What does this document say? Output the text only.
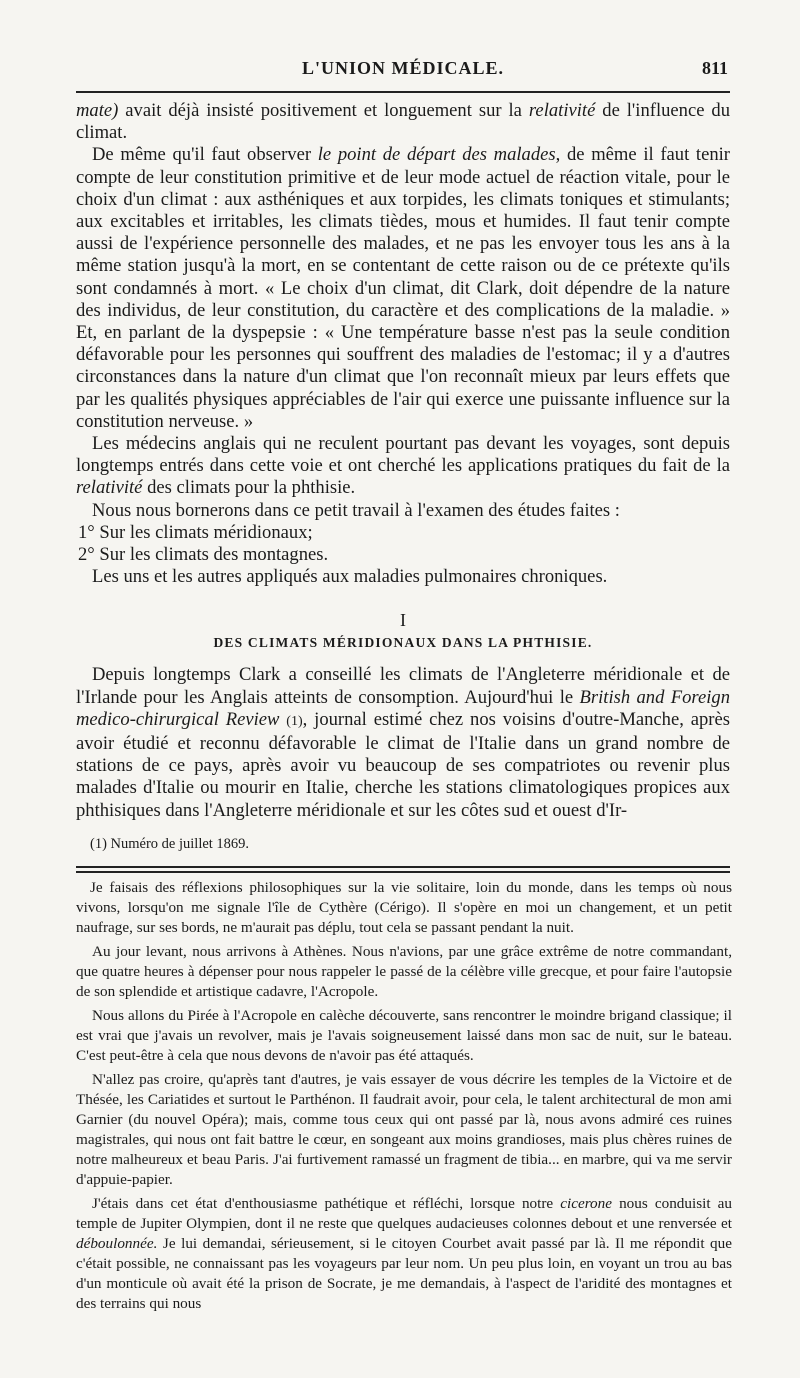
L'UNION MÉDICALE.	811

mate) avait déjà insisté positivement et longuement sur la relativité de l'influence du climat.

De même qu'il faut observer le point de départ des malades, de même il faut tenir compte de leur constitution primitive et de leur mode actuel de réaction vitale, pour le choix d'un climat : aux asthéniques et aux torpides, les climats toniques et stimulants; aux excitables et irritables, les climats tièdes, mous et humides. Il faut tenir compte aussi de l'expérience personnelle des malades, et ne pas les envoyer tous les ans à la même station jusqu'à la mort, en se contentant de cette raison ou de ce prétexte qu'ils sont condamnés à mort. « Le choix d'un climat, dit Clark, doit dépendre de la nature des individus, de leur constitution, du caractère et des complications de la maladie. » Et, en parlant de la dyspepsie : « Une température basse n'est pas la seule condition défavorable pour les personnes qui souffrent des maladies de l'estomac; il y a d'autres circonstances dans la nature d'un climat que l'on reconnaît mieux par leurs effets que par les qualités physiques appréciables de l'air qui exerce une puissante influence sur la constitution nerveuse. »

Les médecins anglais qui ne reculent pourtant pas devant les voyages, sont depuis longtemps entrés dans cette voie et ont cherché les applications pratiques du fait de la relativité des climats pour la phthisie.

Nous nous bornerons dans ce petit travail à l'examen des études faites :

1° Sur les climats méridionaux;

2° Sur les climats des montagnes.

Les uns et les autres appliqués aux maladies pulmonaires chroniques.

I
DES CLIMATS MÉRIDIONAUX DANS LA PHTHISIE.

Depuis longtemps Clark a conseillé les climats de l'Angleterre méridionale et de l'Irlande pour les Anglais atteints de consomption. Aujourd'hui le British and Foreign medico-chirurgical Review (1), journal estimé chez nos voisins d'outre-Manche, après avoir étudié et reconnu défavorable le climat de l'Italie dans un grand nombre de stations de ce pays, après avoir vu beaucoup de ses compatriotes ou revenir plus malades d'Italie ou mourir en Italie, cherche les stations climatologiques propices aux phthisiques dans l'Angleterre méridionale et sur les côtes sud et ouest d'Ir-

(1) Numéro de juillet 1869.

Je faisais des réflexions philosophiques sur la vie solitaire, loin du monde, dans les temps où nous vivons, lorsqu'on me signale l'île de Cythère (Cérigo). Il s'opère en moi un changement, et un petit naufrage, sur ses bords, ne m'aurait pas déplu, tout cela se passant pendant la nuit.

Au jour levant, nous arrivons à Athènes. Nous n'avions, par une grâce extrême de notre commandant, que quatre heures à dépenser pour nous rappeler le passé de la célèbre ville grecque, et pour faire l'autopsie de son splendide et artistique cadavre, l'Acropole.

Nous allons du Pirée à l'Acropole en calèche découverte, sans rencontrer le moindre brigand classique; il est vrai que j'avais un revolver, mais je l'avais soigneusement laissé dans mon sac de nuit, sur le bateau. C'est peut-être à cela que nous devons de n'avoir pas été attaqués.

N'allez pas croire, qu'après tant d'autres, je vais essayer de vous décrire les temples de la Victoire et de Thésée, les Cariatides et surtout le Parthénon. Il faudrait avoir, pour cela, le talent architectural de mon ami Garnier (du nouvel Opéra); mais, comme tous ceux qui ont passé par là, nous avons admiré ces ruines magistrales, qui nous ont fait battre le cœur, en songeant aux moins grandioses, mais plus chères ruines de notre malheureux et beau Paris. J'ai furtivement ramassé un fragment de tibia... en marbre, qui va me servir d'appuie-papier.

J'étais dans cet état d'enthousiasme pathétique et réfléchi, lorsque notre cicerone nous conduisit au temple de Jupiter Olympien, dont il ne reste que quelques audacieuses colonnes debout et une renversée et déboulonnée. Je lui demandai, sérieusement, si le citoyen Courbet avait passé par là. Il me répondit que c'était possible, ne connaissant pas les voyageurs par leur nom. Un peu plus loin, en voyant un trou au bas d'un monticule où avait été la prison de Socrate, je me demandais, à l'aspect de l'aridité des montagnes et des terrains qui nous
